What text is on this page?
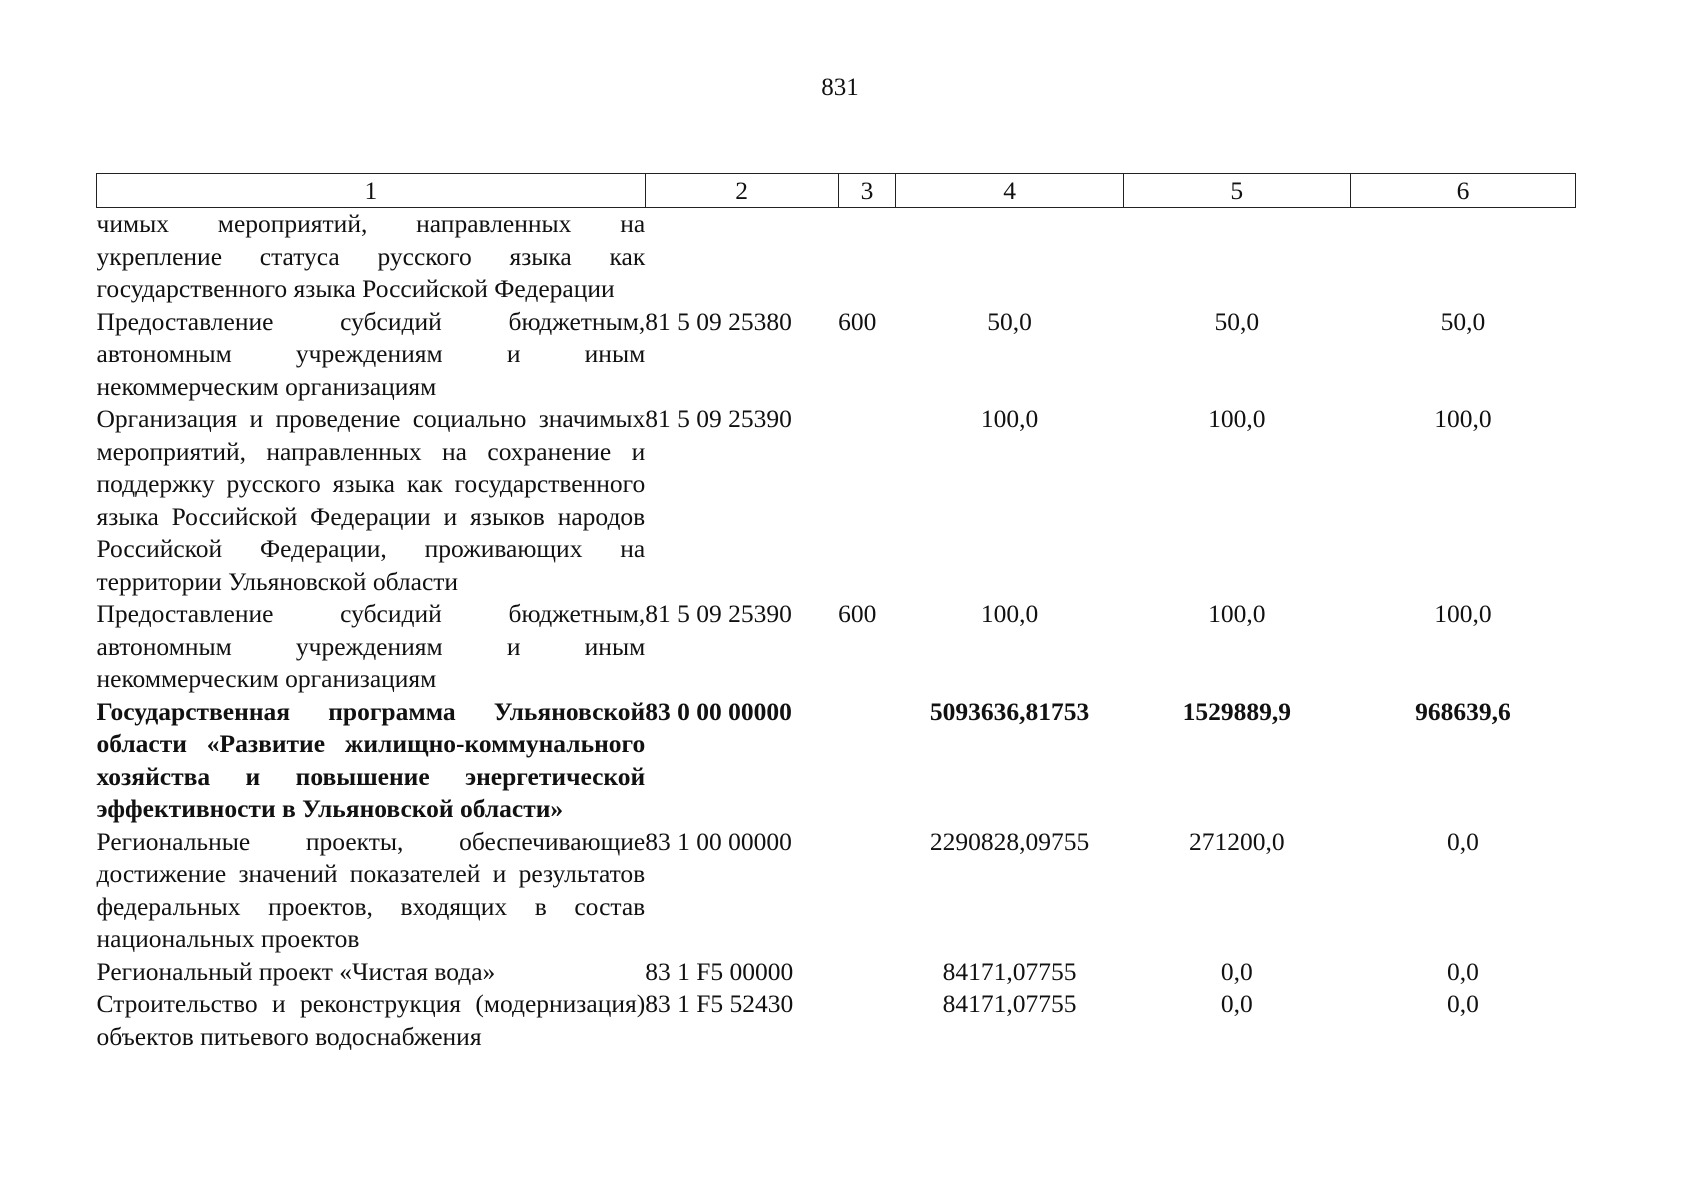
831
1	2	3	4	5	6
чимых мероприятий, направленных на укрепление статуса русского языка как государственного языка Российской Федерации					
Предоставление субсидий бюджетным, автономным учреждениям и иным некоммерческим организациям	81 5 09 25380	600	50,0	50,0	50,0
Организация и проведение социально значимых мероприятий, направленных на сохранение и поддержку русского языка как государственного языка Российской Федерации и языков народов Российской Федерации, проживающих на территории Ульяновской области	81 5 09 25390		100,0	100,0	100,0
Предоставление субсидий бюджетным, автономным учреждениям и иным некоммерческим организациям	81 5 09 25390	600	100,0	100,0	100,0
Государственная программа Ульяновской области «Развитие жилищно-коммунального хозяйства и повышение энергетической эффективности в Ульяновской области»	83 0 00 00000		5093636,81753	1529889,9	968639,6
Региональные проекты, обеспечивающие достижение значений показателей и результатов федеральных проектов, входящих в состав национальных проектов	83 1 00 00000		2290828,09755	271200,0	0,0
Региональный проект «Чистая вода»	83 1 F5 00000		84171,07755	0,0	0,0
Строительство и реконструкция (модернизация) объектов питьевого водоснабжения	83 1 F5 52430		84171,07755	0,0	0,0
